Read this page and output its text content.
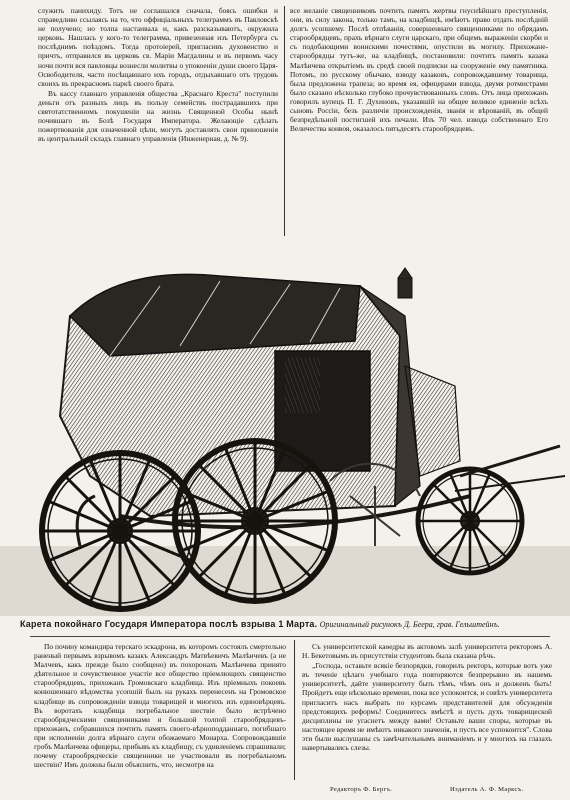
служить панихиду. Тотъ не соглашался сначала, боясь ошибки и справедливо ссылаясь на то, что оффиціальныхъ телеграммъ въ Павловскѣ не получено; но толпа настаивала и, какъ разсказываютъ, окружила церковь. Нашлась у кого-то телеграмма, привезенная изъ Петербурга съ послѣднимъ поѣздомъ. Тогда протоіерей, пригласивъ духовенство и причтъ, отправился въ церковь св. Маріи Магдалины и въ первомъ часу ночи почти вся павловцы вознесли молитвы о упокоеніи души своего Царя-Освободителя, часто посѣщавшаго ихъ городъ, отдыхавшаго отъ трудовъ своихъ въ прекрасномъ паркѣ своего брата.

Въ кассу главнаго управленія общества „Краснаго Креста" поступили деньги отъ разныхъ лицъ въ пользу семействъ пострадавшихъ при святотатственномъ покушеніи на жизнь Священной Особы нынѣ почившаго въ Бозѣ Государя Императора. Желающіе сдѣлать пожертвованія для означенной цѣли, могутъ доставлять свои приношенія въ центральный складъ главнаго управленія (Инженерная, д. № 9).

все желаніе священниковъ почтить память жертвы гнуснѣйшаго преступленія, они, въ силу закона, только тамъ, на кладбищѣ, имѣютъ право отдать послѣдній долгъ усопшему. Послѣ отпѣванія, совершеннаго священниками по обрядамъ старообрядцевъ, прахъ вѣрнаго слуги царскаго, при общемъ выраженіи скорби и съ подобающими воинскими почестями, опустили въ могилу. Прихожане-старообрядцы тутъ-же, на кладбищѣ, постановили: почтить память казака Малѣичева открытіемъ въ средѣ своей подписки на сооруженіе ему памятника. Потомъ, по русскому обычаю, взводу казаковъ, сопровождавшему товарища, была предложена трапеза; во время ея, офицерами взвода, двумя ротмистрами было сказано нѣсколько глубоко прочувствованныхъ словъ. Отъ лица прихожанъ говорилъ купецъ П. Г. Духиновъ, указавшій на общее великое единеніе всѣхъ сыновъ Россіи, безъ различія происхожденія, званія и вѣрованій, въ общей безпредѣльной постигшей ихъ печали. Изъ 70 чел. взвода собственнаго Его Величества конвоя, оказалось пятьдесятъ старообрядцевъ.

Карета покойнаго Государя Императора послѣ взрыва 1 Марта. Оригинальный рисунокъ Д. Бeeра, грав. Гельштейнъ.

По почину командира терскаго эскадрона, въ которомъ состоялъ смертельно раненый первымъ взрывомъ казакъ Александръ Матвѣевичъ Малѣичевъ (а не Малчевъ, какъ прежде было сообщено) въ похоронахъ Малѣичева принято дѣятельное и сочувственное участіе все общество пріемлющихъ священство старообрядцевъ, прихожанъ Громовскаго кладбища. Изъ пріемныхъ покоевъ конюшеннаго вѣдомства усопшій былъ на рукахъ перенесенъ на Громовское кладбище въ сопровожденіи взвода товарищей и многихъ изъ единовѣрцевъ. Въ воротахъ кладбища погребальное шествіе было встрѣчено старообрядческими священниками и большой толпой старообрядцевъ-прихожанъ, собравшихся почтить память своего-вѣрноподданнаго, погибшаго при исполненіи долга вѣрнаго слуги обожаемаго Монарха. Сопровождавшіе гробъ Малѣичева офицеры, прибывъ къ кладбищу, съ удивленіемъ спрашивали; почему старообрядческіе священники не участвовали въ погребальномъ шествіи? Имъ должны были объяснить, что, несмотря на

Съ университетской каѳедры въ актовомъ залѣ университета ректоромъ А. Н. Бекетовымъ въ присутствіи студентовъ была сказана рѣчь.

„Господа, оставьте всякіе безпорядки, говорилъ ректоръ, которые вотъ уже въ теченіе цѣлаго учебнаго года повторяются безпрерывно въ нашемъ университетѣ, дайте университету быть тѣмъ, чѣмъ онъ и долженъ быть! Пройдетъ еще нѣсколько времени, пока все успокоится, и совѣтъ университета пригласитъ насъ выбрать по курсамъ представителей для обсужденія предстоящихъ реформъ! Соединитесь вмѣстѣ и пусть духъ товарищеской дисциплины не угаснетъ между вами! Оставьте ваши споры, которые въ настоящее время не имѣютъ никакого значенія, и пусть все успокоится". Слова эти были выслушаны съ замѣчательнымъ вниманіемъ и у многихъ на глазахъ навертывались слезы.

Редакторъ Ф. Бергъ.	Издатель А. Ф. Марксъ.
